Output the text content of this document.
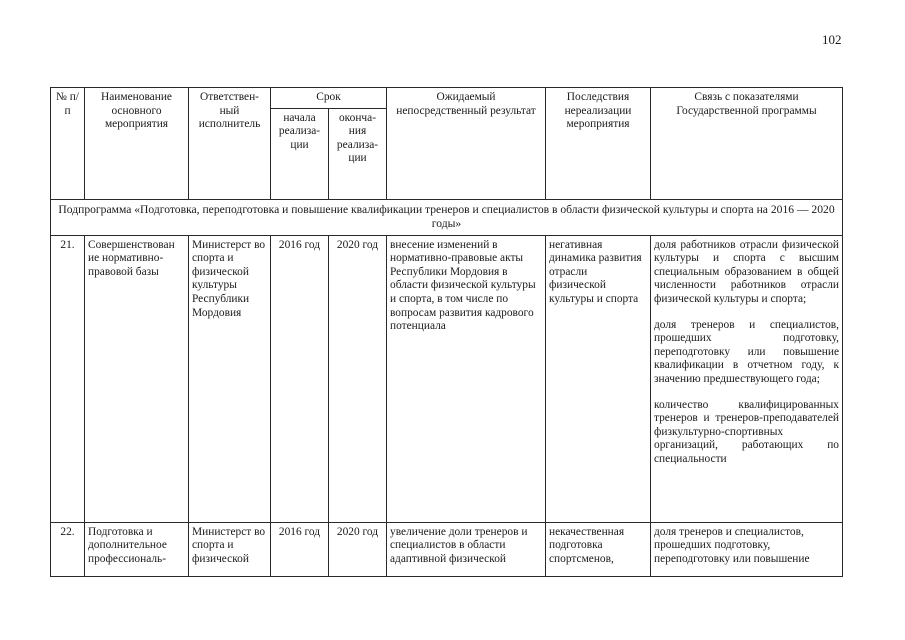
102
№ п/п	Наименование основного мероприятия	Ответствен-ный исполнитель	Срок		Ожидаемый непосредственный результат	Последствия нереализации мероприятия	Связь с показателями Государственной программы
			начала реализа-ции	оконча-ния реализа-ции			
Подпрограмма «Подготовка, переподготовка и повышение квалификации тренеров и специалистов в области физической культуры и спорта на 2016 — 2020 годы»							
21.	Совершенствован ие нормативно-правовой базы	Министерст во спорта и физической культуры Республики Мордовия	2016 год	2020 год	внесение изменений в нормативно-правовые акты Республики Мордовия в области физической культуры и спорта, в том числе по вопросам развития кадрового потенциала	негативная динамика развития отрасли физической культуры и спорта	доля работников отрасли физической культуры и спорта с высшим специальным образованием в общей численности работников отрасли физической культуры и спорта;

доля тренеров и специалистов, прошедших подготовку, переподготовку или повышение квалификации в отчетном году, к значению предшествующего года;

количество квалифицированных тренеров и тренеров-преподавателей физкультурно-спортивных организаций, работающих по специальности

22.	Подготовка и дополнительное профессиональ-	Министерст во спорта и физической	2016 год	2020 год	увеличение доли тренеров и специалистов в области адаптивной физической	некачественная подготовка спортсменов,	доля тренеров и специалистов, прошедших подготовку, переподготовку или повышение
